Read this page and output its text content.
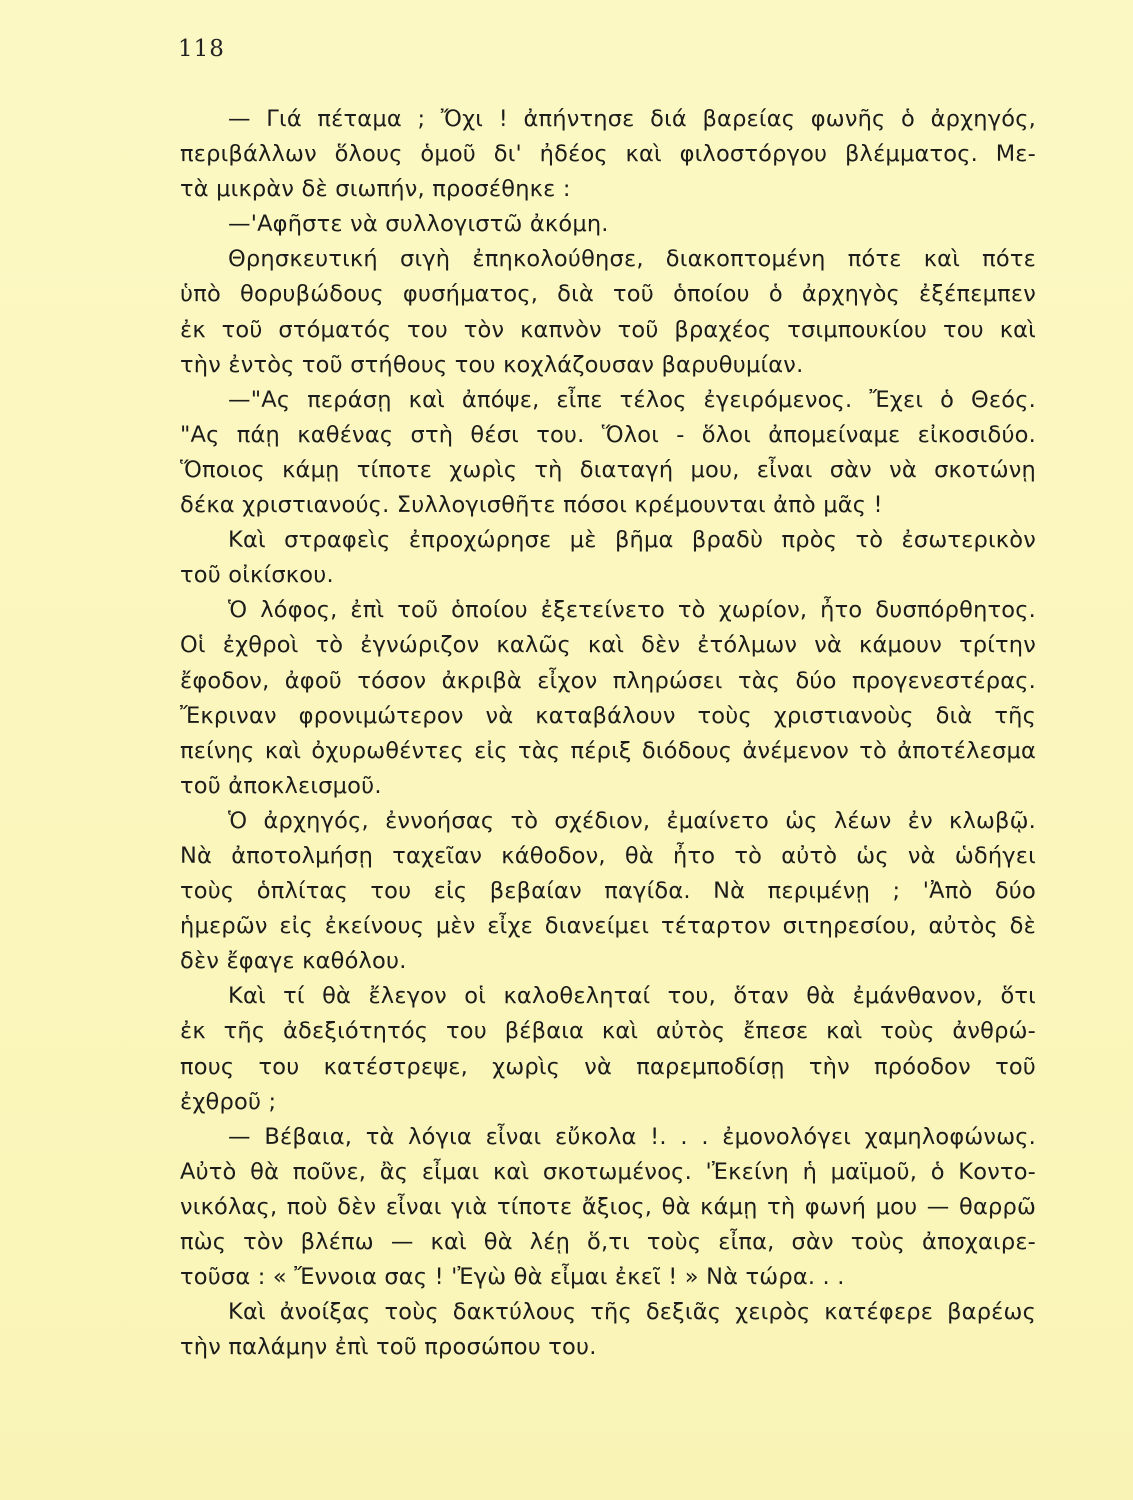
118
— Γιά πέταμα ; Ὄχι ! ἀπήντησε διά βαρείας φωνῆς ὁ ἀρχηγός,
περιβάλλων ὅλους ὁμοῦ δι' ἠδέος καὶ φιλοστόργου βλέμματος. Με-
τὰ μικρὰν δὲ σιωπήν, προσέθηκε :
—'Αφῆστε νὰ συλλογιστῶ ἀκόμη.
Θρησκευτική σιγὴ ἐπηκολούθησε, διακοπτομένη πότε καὶ πότε
ὑπὸ θορυβώδους φυσήματος, διὰ τοῦ ὁποίου ὁ ἀρχηγὸς ἐξέπεμπεν
ἐκ τοῦ στόματός του τὸν καπνὸν τοῦ βραχέος τσιμπουκίου του καὶ
τὴν ἐντὸς τοῦ στήθους του κοχλάζουσαν βαρυθυμίαν.
—"Ας περάσῃ καὶ ἀπόψε, εἶπε τέλος ἐγειρόμενος. Ἔχει ὁ Θεός.
"Ας πάῃ καθένας στὴ θέσι του. Ὅλοι - ὅλοι ἀπομείναμε εἰκοσιδύο.
Ὅποιος κάμῃ τίποτε χωρὶς τὴ διαταγή μου, εἶναι σὰν νὰ σκοτώνῃ
δέκα χριστιανούς. Συλλογισθῆτε πόσοι κρέμουνται ἀπὸ μᾶς !
Καὶ στραφεὶς ἐπροχώρησε μὲ βῆμα βραδὺ πρὸς τὸ ἐσωτερικὸν
τοῦ οἰκίσκου.
Ὁ λόφος, ἐπὶ τοῦ ὁποίου ἐξετείνετο τὸ χωρίον, ἦτο δυσπόρθητος.
Οἱ ἐχθροὶ τὸ ἐγνώριζον καλῶς καὶ δὲν ἐτόλμων νὰ κάμουν τρίτην
ἔφοδον, ἀφοῦ τόσον ἀκριβὰ εἶχον πληρώσει τὰς δύο προγενεστέρας.
Ἔκριναν φρονιμώτερον νὰ καταβάλουν τοὺς χριστιανοὺς διὰ τῆς
πείνης καὶ ὀχυρωθέντες εἰς τὰς πέριξ διόδους ἀνέμενον τὸ ἀποτέλεσμα
τοῦ ἀποκλεισμοῦ.
Ὁ ἀρχηγός, ἐννοήσας τὸ σχέδιον, ἐμαίνετο ὡς λέων ἐν κλωβῷ.
Νὰ ἀποτολμήσῃ ταχεῖαν κάθοδον, θὰ ἦτο τὸ αὐτὸ ὡς νὰ ὡδήγει
τοὺς ὁπλίτας του εἰς βεβαίαν παγίδα. Νὰ περιμένῃ ; 'Ἀπὸ δύο
ἡμερῶν εἰς ἐκείνους μὲν εἶχε διανείμει τέταρτον σιτηρεσίου, αὐτὸς δὲ
δὲν ἔφαγε καθόλου.
Καὶ τί θὰ ἔλεγον οἱ καλοθεληταί του, ὅταν θὰ ἐμάνθανον, ὅτι
ἐκ τῆς ἀδεξιότητός του βέβαια καὶ αὐτὸς ἔπεσε καὶ τοὺς ἀνθρώ-
πους του κατέστρεψε, χωρὶς νὰ παρεμποδίσῃ τὴν πρόοδον τοῦ
ἐχθροῦ ;
— Βέβαια, τὰ λόγια εἶναι εὔκολα !. . . ἐμονολόγει χαμηλοφώνως.
Αὐτὸ θὰ ποῦνε, ἂς εἶμαι καὶ σκοτωμένος. 'Ἐκείνη ἡ μαϊμοῦ, ὁ Κοντο-
νικόλας, ποὺ δὲν εἶναι γιὰ τίποτε ἄξιος, θὰ κάμῃ τὴ φωνή μου — θαρρῶ
πὼς τὸν βλέπω — καὶ θὰ λέῃ ὅ,τι τοὺς εἶπα, σὰν τοὺς ἀποχαιρε-
τοῦσα : « Ἔννοια σας ! 'Ἐγὼ θὰ εἶμαι ἐκεῖ ! » Νὰ τώρα. . .
Καὶ ἀνοίξας τοὺς δακτύλους τῆς δεξιᾶς χειρὸς κατέφερε βαρέως
τὴν παλάμην ἐπὶ τοῦ προσώπου του.
